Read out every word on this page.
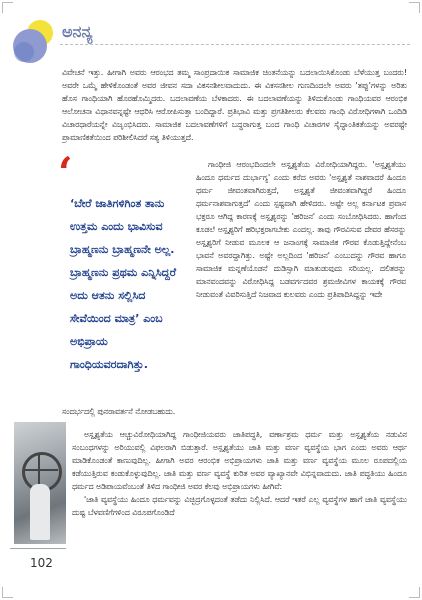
ಅನನ್ಯ

ವಿವೇಚನೆ ಇತ್ತು. ಹೀಗಾಗಿ ಅವರು ಆರಂಭದ ತಮ್ಮ ಸಾಂಪ್ರದಾಯಿಕ ಸಾಮಾಜಿಕ ಚಿಂತನೆಯನ್ನು ಬದಲಾಯಿಸಿಕೊಂಡು ಬೆಳೆಯುತ್ತ ಬಂದರು! ಅವರೇ ಒಮ್ಮೆ ಹೇಳಿಕೊಂಡಂತೆ ಅವರ ಜೀವನ ಸದಾ ವಿಕಸನಶೀಲವಾದುದು. ಈ ವಿಕಸನಶೀಲ ಗುಣದಿಂದಲೇ ಅವರು 'ತಪ್ಪು'ಗಳನ್ನು ಅರಿತು ಹೊಸ ಗಾಂಧಿಯಾಗಿ ಹೊರಹೊಮ್ಮಿದರು. ಬದಲಾವಣೆಯ ಬೆಳಕಾದರು. ಈ ಬದಲಾವಣೆಯನ್ನು ತಿಳಿದುಕೊಂಡು ಗಾಂಧಿಯವರ ಆರಂಭಿಕ ಆಲೋಚನಾ ವಿಧಾನವನ್ನಷ್ಟೇ ಆಧರಿಸಿ ಆರೋಪಿಸುತ್ತಾ ಬಂದಿದ್ದಾರೆ. ಪ್ರತಿಭಾವಿ ಮತ್ತು ಪ್ರಗತಿಶೀಲರು ಕೆಲವರು ಗಾಂಧಿ ವಿರೋಧಿಗಳಾಗಿ ಒಂದಿಡಿ ವಿಚಾರಧಾರೆಯನ್ನೇ ವಿಜೃಂಭಿಸಿದರು. ಸಾಮಾಜಿಕ ಬದಲಾವಣೆಗಳಿಗೆ ಬದ್ಧರಾಗುತ್ತ ಬಂದ ಗಾಂಧಿ ವಿಚಾರಗಳ ಸೈದ್ಧಾಂತಿಕತೆಯನ್ನು ಅವರಷ್ಟೇ ಪ್ರಾಮಾಣಿಕತೆಯಿಂದ ಪರಿಶೀಲಿಸಿದರೆ ಸತ್ಯ ತಿಳಿಯುತ್ತದೆ.

‘
‘ಬೇರೆ ಜಾತಿಗಳಿಗಿಂತ ತಾನು ಉತ್ತಮ ಎಂದು ಭಾವಿಸುವ ಬ್ರಾಹ್ಮಣನು ಬ್ರಾಹ್ಮಣನೇ ಅಲ್ಲ. ಬ್ರಾಹ್ಮಣನು ಪ್ರಥಮ ಎನ್ನಿಸಿದ್ದರೆ ಅದು ಆತನು ಸಲ್ಲಿಸಿದ ಸೇವೆಯಿಂದ ಮಾತ್ರ’ ಎಂಬ ಅಭಿಪ್ರಾಯ ಗಾಂಧಿಯವರದಾಗಿತ್ತು.

ಗಾಂಧೀಜಿ ಆರಂಭದಿಂದಲೇ ಅಸ್ಪೃಶ್ಯತೆಯ ವಿರೋಧಿಯಾಗಿದ್ದರು. 'ಅಸ್ಪೃಶ್ಯತೆಯು ಹಿಂದೂ ಧರ್ಮದ ದುರ್ಭಾಗ್ಯ' ಎಂದು ಕರೆದ ಅವರು 'ಅಸ್ಪೃಶ್ಯತೆ ನಾಶವಾದರೆ ಹಿಂದೂ ಧರ್ಮ ಜೀವಂತವಾಗಿರುತ್ತದೆ, ಅಸ್ಪೃಶ್ಯತೆ ಜೀವಂತವಾಗಿದ್ದರೆ ಹಿಂದೂ ಧರ್ಮನಾಶವಾಗುತ್ತದೆ' ಎಂದು ಸ್ಪಷ್ಟವಾಗಿ ಹೇಳಿದರು. ಅಷ್ಟೇ ಅಲ್ಲ ಕರ್ನಾಟಕ ಪ್ರವಾಸ ಭಕ್ತರೂ ಆಗಿದ್ದ ಕಾರಣಕ್ಕೆ ಅಸ್ಪೃಶ್ಯರನ್ನು 'ಹರಿಜನ' ಎಂದು ಸಂಬೋಧಿಸಿದರು. ಹಾಗೆಂದ ಕೂಡಲೆ ಅಸ್ಪೃಶ್ಯರಿಗೆ ಹರಿಭಕ್ತರಾಗಬೇಕು ಎಂದಲ್ಲ. ತಾವು ಗೌರವಿಸುವ ದೇವರ ಹೆಸರನ್ನು ಅಸ್ಪೃಶ್ಯರಿಗೆ ನೀಡುವ ಮೂಲಕ ಆ ಜನಾಂಗಕ್ಕೆ ಸಾಮಾಜಿಕ ಗೌರವ ಕೊಡುತ್ತಿದ್ದೇನೆಂಬ ಭಾವನೆ ಅವರದ್ದಾಗಿತ್ತು. ಅಷ್ಟೇ ಅಲ್ಲದಿಂದ 'ಹರಿಜನ' ಎಂಬುದನ್ನು ಗೌರವ ಹಾಗೂ ಸಾಮಾಜಿಕ ಮನ್ನಣೆಯೊಡನೆ ದುಡಿಸ್ಸಾಗಿ ಮಾತುಡುವುದು ಸರಿಯಲ್ಲ. ದಲಿತರನ್ನು ಮಾನವಂದವನ್ನು ವಿರೋಧಿಸಿದ್ದ ಬಡವರ್ಗದವರ ಶ್ರಮಜೀವಿಗಳ ಕಾಯಕಕ್ಕೆ ಗೌರವ ನೀಡುವಂತೆ ವಿವರಿಸುತ್ತಿದೆ ನಿಜವಾದ ಕುಲವರು ಎಂದು ಪ್ರತಿಪಾದಿಸಿದ್ದನ್ನು ಇದೇ

ಸಂದರ್ಭದಲ್ಲಿ ಪುನರಾವರ್ತನೆ ನೋಡಬಹುದು.

ಅಸ್ಪೃಶ್ಯತೆಯ ಆಚ್ಚುವಿರೋಧಿಯಾಗಿದ್ದ ಗಾಂಧೀಜಿಯವರು ಜಾತಿಪದ್ಧತಿ, ವರ್ಣಾಶ್ರಮ ಧರ್ಮ ಮತ್ತು ಅಸ್ಪೃಶ್ಯತೆಯ ನಡುವಿನ ಸಂಬಂಧಗಳನ್ನು ಅರಿಯುವಲ್ಲಿ ವಿಫಲರಾಗಿ ಬಿಡುತ್ತಾರೆ. ಅಸ್ಪೃಶ್ಯತೆಯು ಜಾತಿ ಮತ್ತು ವರ್ಣ ವ್ಯವಸ್ಥೆಯ ಭಾಗ ಎಂದು ಅವರು ಆರ್ಥ ಮಾಡಿಕೊಂಡಂತೆ ಕಾಣುವುದಿಲ್ಲ. ಹೀಗಾಗಿ ಅವರ ಆರಂಭಿಕ ಅಭಿಪ್ರಾಯಗಳು ಜಾತಿ ಮತ್ತು ವರ್ಣ ವ್ಯವಸ್ಥೆಯ ಮೂಲ ರೂಪದಲ್ಲಿಯ ಕಡೆಯುತ್ತಿರುವ ಕಂಡುಕೊಳ್ಳುವುದಿಲ್ಲ. ಜಾತಿ ಮತ್ತು ವರ್ಣ ವ್ಯವಸ್ಥೆ ಕುರಿತ ಅವರ ವ್ಯಾಖ್ಯಾನವೇ ವಿಭಿನ್ನವಾದುದು. ಜಾತಿ ಪದ್ಧತಿಯು ಹಿಂದೂ ಧರ್ಮದ ಅಡಿಪಾಯವೆಂಬಂತೆ ತಿಳಿದ ಗಾಂಧೀಜಿ ಅವರ ಕೆಲವು ಅಭಿಪ್ರಾಯಗಳು ಹೀಗಿವೆ:

'ಜಾತಿ ವ್ಯವಸ್ಥೆಯು ಹಿಂದೂ ಧರ್ಮವನ್ನು ವಿಚ್ಛಿದ್ರಗೊಳ್ಳದಂತೆ ತಡೆದು ನಿಲ್ಲಿಸಿದೆ. ಆದರೆ ಇತರೆ ಎಲ್ಲ ವ್ಯವಸ್ಥೆಗಳ ಹಾಗೆ ಜಾತಿ ವ್ಯವಸ್ಥೆಯು ದುಷ್ಟ ಬೆಳವಣಿಗೆಗಳಿಂದ ವಿರೂಪಗೊಂಡಿದೆ

102
